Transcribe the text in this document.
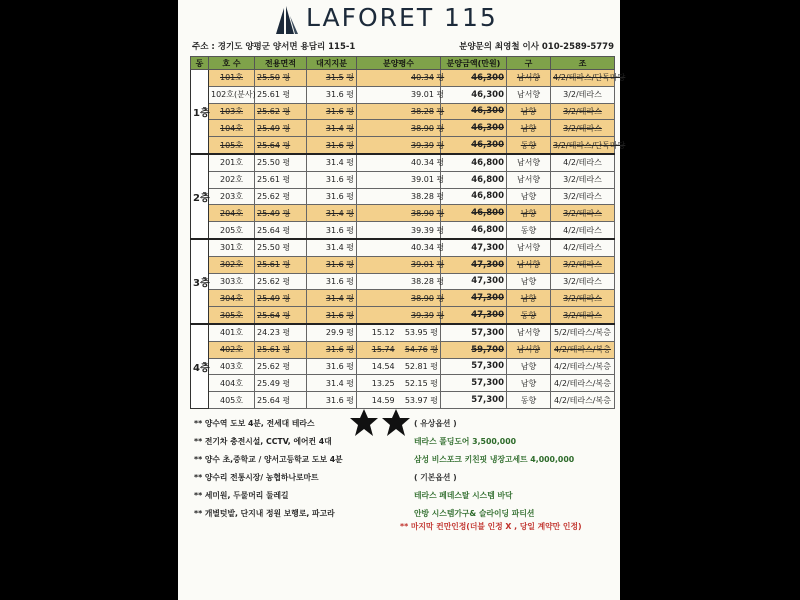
LAFORET 115
주소 : 경기도 양평군 양서면 용담리 115-1	분양문의 최영철 이사 010-2589-5779
동	호 수	전용면적	대지지분	분양평수	분양금액(만원)	구	조
1층	101호	25.50 평	31.5 평	40.34 평	46,300	남서향	4/2/테라스/단독마당
	102호(분사)	25.61 평	31.6 평	39.01 평	46,300	남서향	3/2/테라스
	103호	25.62 평	31.6 평	38.28 평	46,300	남향	3/2/테라스
	104호	25.49 평	31.4 평	38.90 평	46,300	남향	3/2/테라스
	105호	25.64 평	31.6 평	39.39 평	46,300	동향	3/2/테라스/단독마당
2층	201호	25.50 평	31.4 평	40.34 평	46,800	남서향	4/2/테라스
	202호	25.61 평	31.6 평	39.01 평	46,800	남서향	3/2/테라스
	203호	25.62 평	31.6 평	38.28 평	46,800	남향	3/2/테라스
	204호	25.49 평	31.4 평	38.90 평	46,800	남향	3/2/테라스
	205호	25.64 평	31.6 평	39.39 평	46,800	동향	4/2/테라스
3층	301호	25.50 평	31.4 평	40.34 평	47,300	남서향	4/2/테라스
	302호	25.61 평	31.6 평	39.01 평	47,300	남서향	3/2/테라스
	303호	25.62 평	31.6 평	38.28 평	47,300	남향	3/2/테라스
	304호	25.49 평	31.4 평	38.90 평	47,300	남향	3/2/테라스
	305호	25.64 평	31.6 평	39.39 평	47,300	동향	3/2/테라스
4층	401호	24.23 평	29.9 평	15.12 53.95 평	57,300	남서향	5/2/테라스/복층
	402호	25.61 평	31.6 평	15.74 54.76 평	59,700	남서향	4/2/테라스/복층
	403호	25.62 평	31.6 평	14.54 52.81 평	57,300	남향	4/2/테라스/복층
	404호	25.49 평	31.4 평	13.25 52.15 평	57,300	남향	4/2/테라스/복층
	405호	25.64 평	31.6 평	14.59 53.97 평	57,300	동향	4/2/테라스/복층
** 양수역 도보 4분, 전세대 테라스
** 전기차 충전시설, CCTV, 에어컨 4대
** 양수 초,중학교 / 양서고등학교 도보 4분
** 양수리 전통시장/ 농협하나로마트
** 세미원, 두물머리 둘레길
** 개별텃밭, 단지내 정원 보행로, 파고라
( 유상옵션 )
테라스 폴딩도어 3,500,000
삼성 비스포크 키친핏 냉장고세트 4,000,000
( 기본옵션 )
테라스 페데스탈 시스템 바닥
안방 시스템가구& 슬라이딩 파티션
** 마지막 컨만인정(더블 인정 X , 당일 계약만 인정)
